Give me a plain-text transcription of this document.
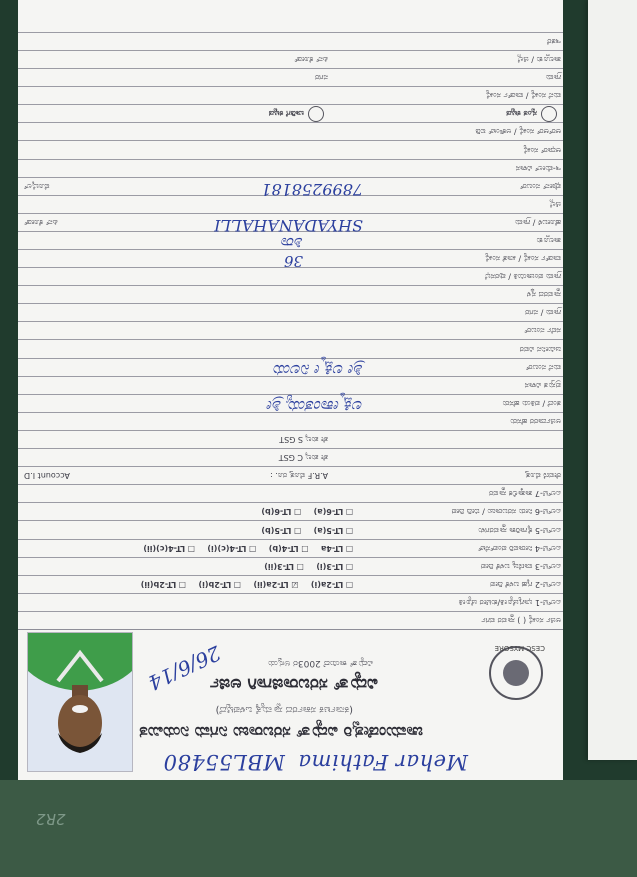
2R2
Mehar Fathima MBL55480
ಚಾಮುಂಡೇಶ್ವರಿ ವಿದ್ಯುತ್ ಸರಬರಾಜು ನಿಗಮ ನಿಯಮಿತ
(ಕರ್ನಾಟಕ ಸರ್ಕಾರದ ಸ್ವಾಮ್ಯಕ್ಕೆ ಒಳಪಟ್ಟಿದೆ)
ವಿದ್ಯುತ್ ಸರಬರಾಜಿಗಾಗಿ ಅರ್ಜಿ
ವಿದ್ಯುತ್ ಕಾಯಿದೆ 2003ರ ಅನ್ವಯ
CESC MYSORE
26/6/14
ಅರ್ಜಿ ಸಂಖ್ಯೆ ( ) ಸ್ಥಾವರ ವರ್ಗ
ಎಲ್‌ಟಿ-1 ಭಾಗ್ಯಜ್ಯೋತಿ/ಕುಟೀರ ಜ್ಯೋತಿ
ಎಲ್‌ಟಿ-2 ಗೃಹ ಬಳಕೆ ದೀಪ
☐ LT-2a(i) ☑ LT-2a(ii) ☐ LT-2b(i) ☐ LT-2b(ii)
ಎಲ್‌ಟಿ-3 ವಾಣಿಜ್ಯ ಬಳಕೆ ದೀಪ
☐ LT-3(i) ☐ LT-3(ii)
ಎಲ್‌ಟಿ-4 ನೀರಾವರಿ ಪಂಪ್‌ಸೆಟ್
☐ LT-4a ☐ LT-4(b) ☐ LT-4(c)(i) ☐ LT-4(c)(ii)
ಎಲ್‌ಟಿ-5 ಕೈಗಾರಿಕಾ ಸ್ಥಾವರಗಳು
☐ LT-5(a) ☐ LT-5(b)
ಎಲ್‌ಟಿ-6 ನೀರು ಸರಬರಾಜು / ಬೀದಿ ದೀಪ
☐ LT-6(a) ☐ LT-6(b)
ಎಲ್‌ಟಿ-7 ತಾತ್ಕಾಲಿಕ ಸ್ಥಾವರ
ಠೇವಣಿ ಮೊತ್ತ
A.R.F ಮೊತ್ತ ರೂ. :
Account I.D
ಶೇ ಶುಲ್ಕ C GST
ಶೇ ಶುಲ್ಕ S GST
ಅರ್ಜಿದಾರರ ಹೆಸರು
ತಂದೆ / ಪತಿಯ ಹೆಸರು
ಲಕ್ಷ್ಮೀಕಾಂತಯ್ಯ ಶ್ರೀ
ಪ್ರಸ್ತುತ ವಿಳಾಸ
ಮನೆ ನಂಬರ್
ಶ್ರೀ ಲಕ್ಷ್ಮೀ ನಿಲಯ
ಜಮೀನಿನ ವಿವರ
ಸರ್ವೆ ನಂಬರ್
ಗ್ರಾಮ / ನಗರ
ಸ್ಥಾವರದ ಸ್ಥಳ
ಗ್ರಾಮ ಪಂಚಾಯಿತಿ / ಪುರಸಭೆ
ವಾರ್ಡ್ ಸಂಖ್ಯೆ / ಖಾತೆ ಸಂಖ್ಯೆ
36
ತಾಲ್ಲೂಕು
ಶಿರಾ
ಹೋಬಳಿ / ಗ್ರಾಮ
SHYADANAHALLI
ಪಿನ್ ಕೋಡ್
ಜಿಲ್ಲೆ
ಫೋನ್ ನಂಬರ್
7899258181
ಮೊಬೈಲ್
ಇ-ಮೇಲ್ ವಿಳಾಸ
ಆಧಾರ್ ಸಂಖ್ಯೆ
ಆರ್‌ಆರ್ ಸಂಖ್ಯೆ / ಅಕೌಂಟ್ ಐಡಿ
ಸ್ವಂತ ಕಟ್ಟಡ
ಬಾಡಿಗೆ ಕಟ್ಟಡ
ಮನೆ ಸಂಖ್ಯೆ / ವಾರ್ಡ್ ಸಂಖ್ಯೆ
ಗ್ರಾಮ
ನಗರ
ತಾಲ್ಲೂಕು / ಜಿಲ್ಲೆ
ಪಿನ್ ಕೋಡ್
ಇತರೆ
